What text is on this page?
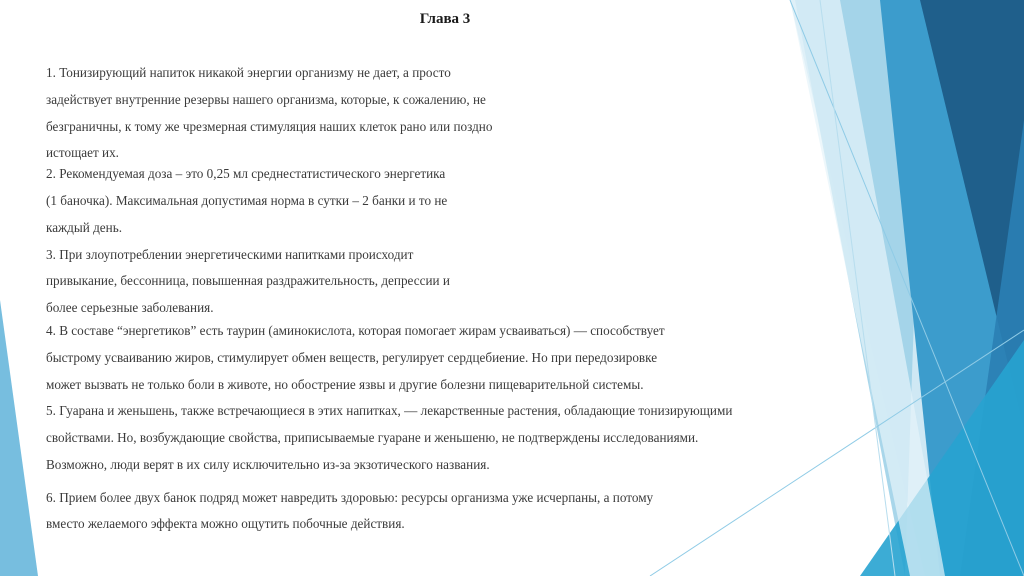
Глава 3
1. Тонизирующий напиток никакой энергии организму не дает, а просто
задействует внутренние резервы нашего организма, которые, к сожалению, не
безграничны, к тому же чрезмерная стимуляция наших клеток рано или поздно
истощает их.
2. Рекомендуемая доза – это 0,25 мл среднестатистического энергетика
(1 баночка). Максимальная допустимая норма в сутки – 2 банки и то не
каждый день.
3. При злоупотреблении энергетическими напитками происходит
привыкание, бессонница, повышенная раздражительность, депрессии и
более серьезные заболевания.
4. В составе “энергетиков” есть таурин (аминокислота, которая помогает жирам усваиваться) — способствует
быстрому усваиванию жиров, стимулирует обмен веществ, регулирует сердцебиение. Но при передозировке
может вызвать не только боли в животе, но обострение язвы и другие болезни пищеварительной системы.
5. Гуарана и женьшень, также встречающиеся в этих напитках, — лекарственные растения, обладающие тонизирующими
свойствами. Но, возбуждающие свойства, приписываемые гуаране и женьшеню, не подтверждены исследованиями.
Возможно, люди верят в их силу исключительно из-за экзотического названия.
6. Прием более двух банок подряд может навредить здоровью: ресурсы организма уже исчерпаны, а потому
вместо желаемого эффекта можно ощутить побочные действия.
